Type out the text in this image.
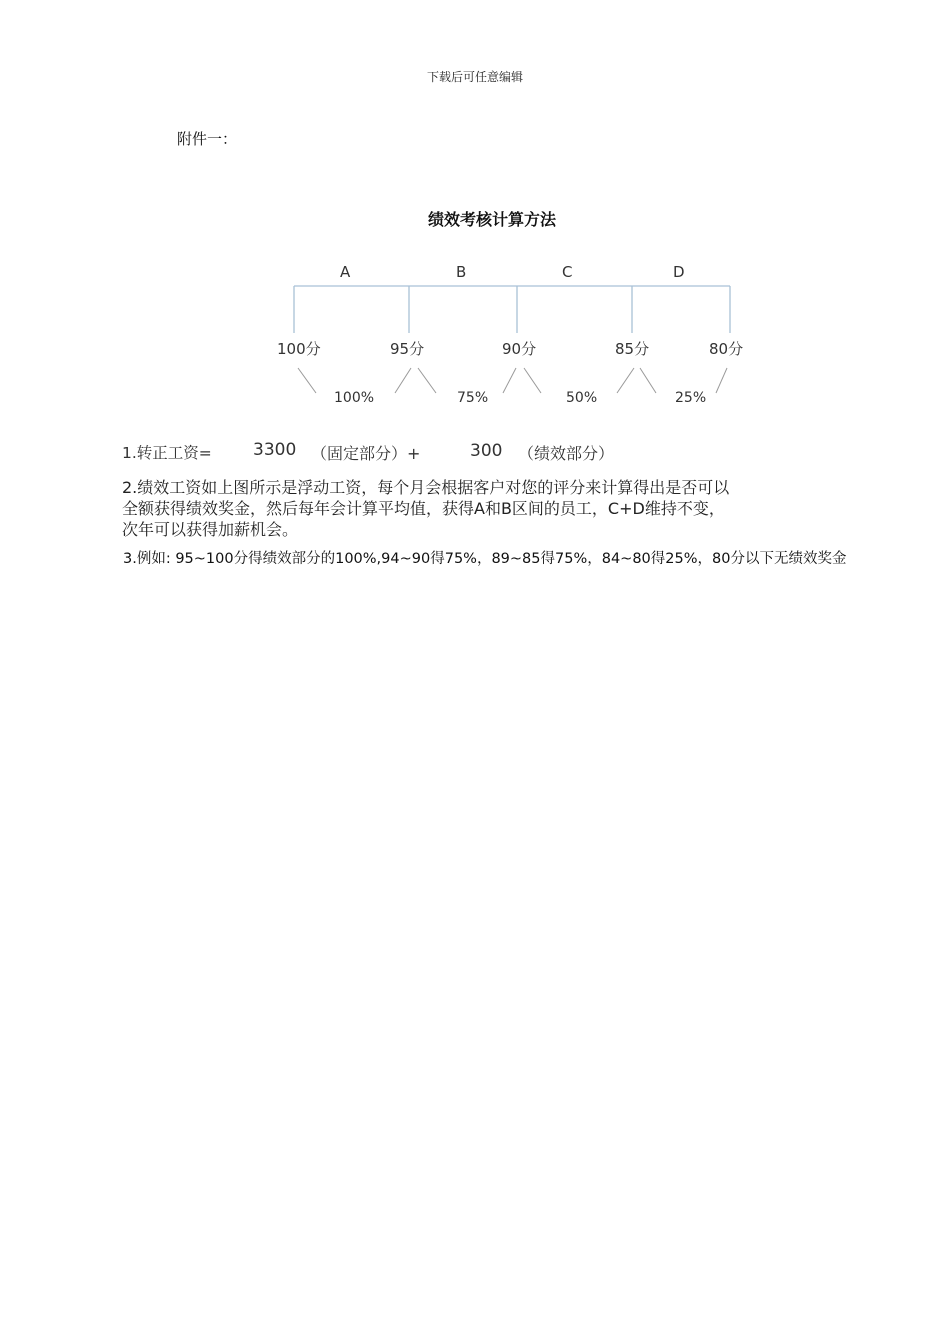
下载后可任意编辑
附件一：
绩效考核计算方法
A	B	C	D
100分	95分	90分	85分	80分
100%	75%	50%	25%
1.转正工资= 3300 （固定部分）+	300 （绩效部分）
2.绩效工资如上图所示是浮动工资，每个月会根据客户对您的评分来计算得出是否可以
全额获得绩效奖金，然后每年会计算平均值，获得A和B区间的员工，C+D维持不变，
次年可以获得加薪机会。
3.例如: 95~100分得绩效部分的100%,94~90得75%，89~85得75%，84~80得25%，80分以下无绩效奖金
